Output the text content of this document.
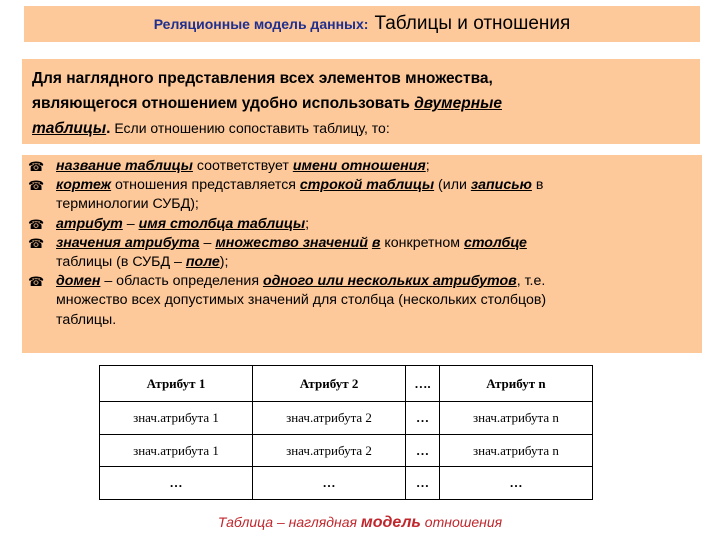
Реляционные модель данных: Таблицы и отношения
Для наглядного представления всех элементов множества,
являющегося отношением удобно использовать двумерные
таблицы. Если отношению сопоставить таблицу, то:
☎ название таблицы соответствует имени отношения;
☎ кортеж отношения представляется строкой таблицы (или записью в
терминологии СУБД);
☎ атрибут – имя столбца таблицы;
☎ значения атрибута – множество значений в конкретном столбце
таблицы (в СУБД – поле);
☎ домен – область определения одного или нескольких атрибутов, т.е.
множество всех допустимых значений для столбца (нескольких столбцов)
таблицы.
Атрибут 1	Атрибут 2	….	Атрибут n
знач.атрибута 1	знач.атрибута 2	…	знач.атрибута n
знач.атрибута 1	знач.атрибута 2	…	знач.атрибута n
…	…	…	…
Таблица – наглядная модель отношения
